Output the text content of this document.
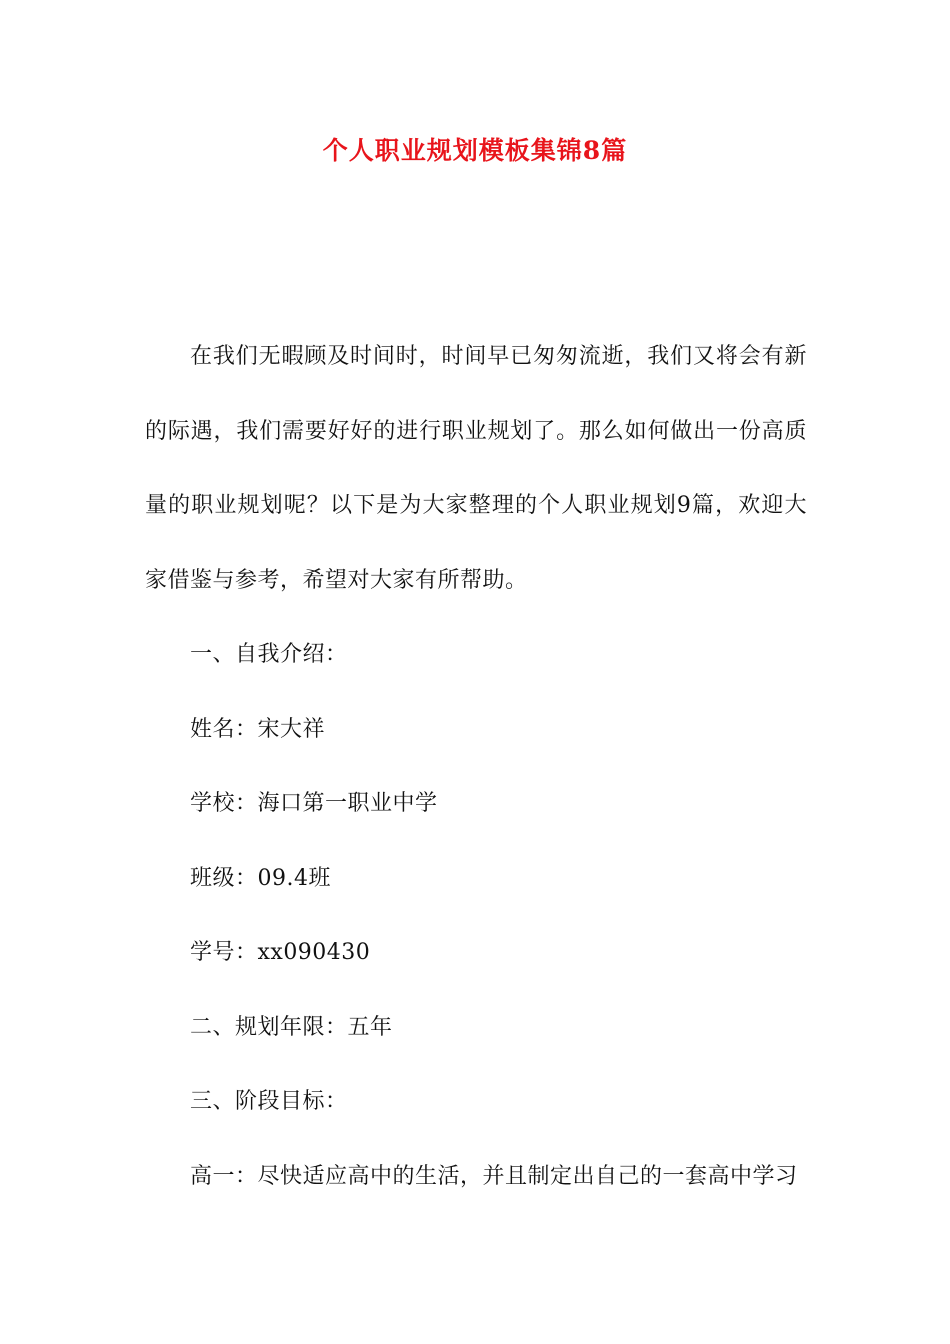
个人职业规划模板集锦8篇

在我们无暇顾及时间时，时间早已匆匆流逝，我们又将会有新的际遇，我们需要好好的进行职业规划了。那么如何做出一份高质量的职业规划呢？以下是为大家整理的个人职业规划9篇，欢迎大家借鉴与参考，希望对大家有所帮助。

一、自我介绍：

姓名：宋大祥

学校：海口第一职业中学

班级：09.4班

学号：xx090430

二、规划年限：五年

三、阶段目标：

高一：尽快适应高中的生活，并且制定出自己的一套高中学习
